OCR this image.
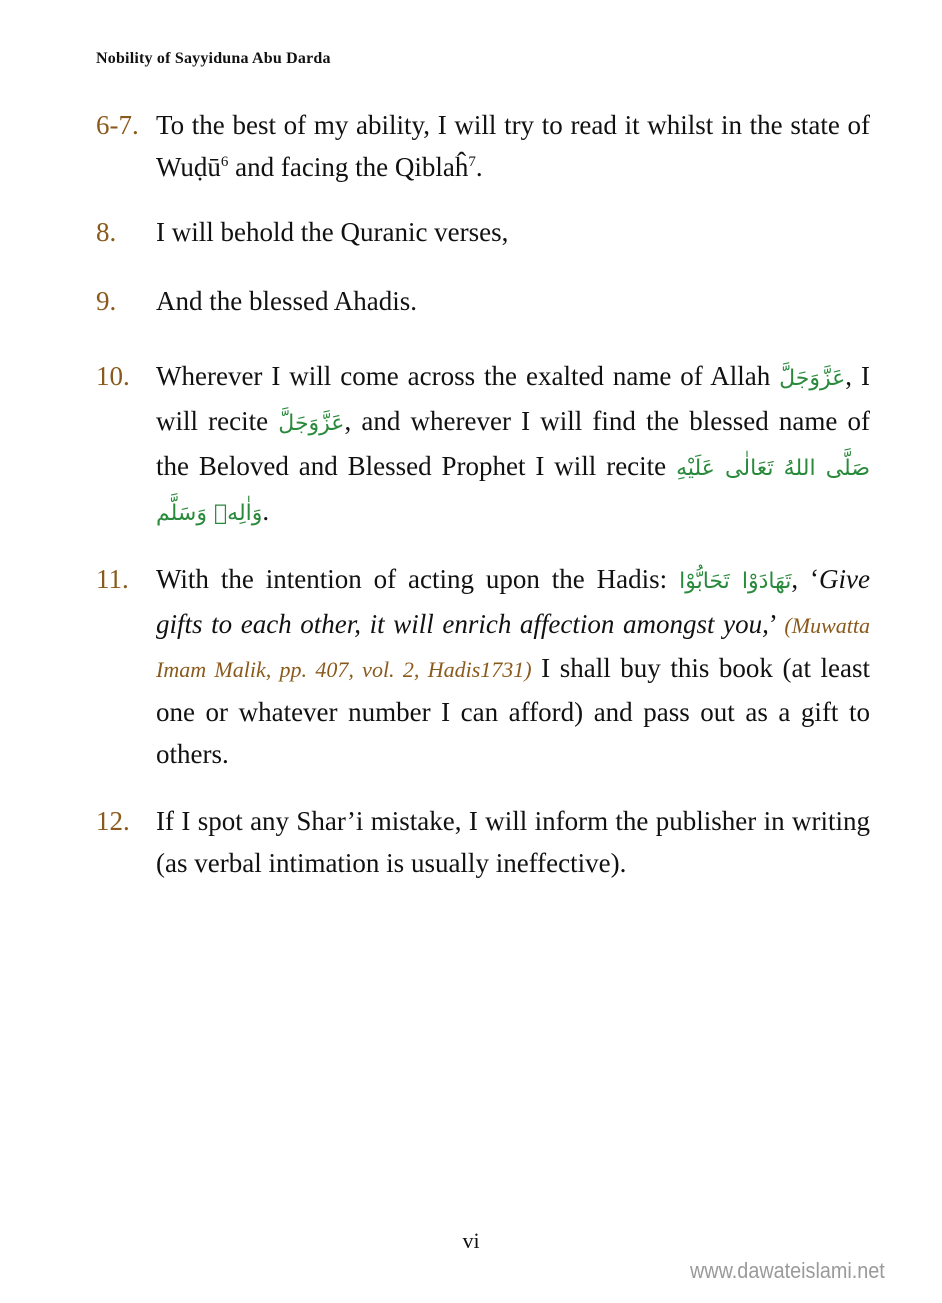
Nobility of Sayyiduna Abu Darda
6-7. To the best of my ability, I will try to read it whilst in the state of Wuḍū$^6$ and facing the Qiblaĥ$^7$.
8. I will behold the Quranic verses,
9. And the blessed Ahadis.
10. Wherever I will come across the exalted name of Allah عَزَّوَجَلَّ, I will recite عَزَّوَجَلَّ, and wherever I will find the blessed name of the Beloved and Blessed Prophet I will recite صَلَّى اللهُ تَعَالٰى عَلَيْهِ وَاٰلِهٖ وَسَلَّم.
11. With the intention of acting upon the Hadis: تَهَادَوْا تَحَابُّوْا, ‘Give gifts to each other, it will enrich affection amongst you,’ (Muwatta Imam Malik, pp. 407, vol. 2, Hadis1731) I shall buy this book (at least one or whatever number I can afford) and pass out as a gift to others.
12. If I spot any Shar’i mistake, I will inform the publisher in writing (as verbal intimation is usually ineffective).
vi
www.dawateislami.net
